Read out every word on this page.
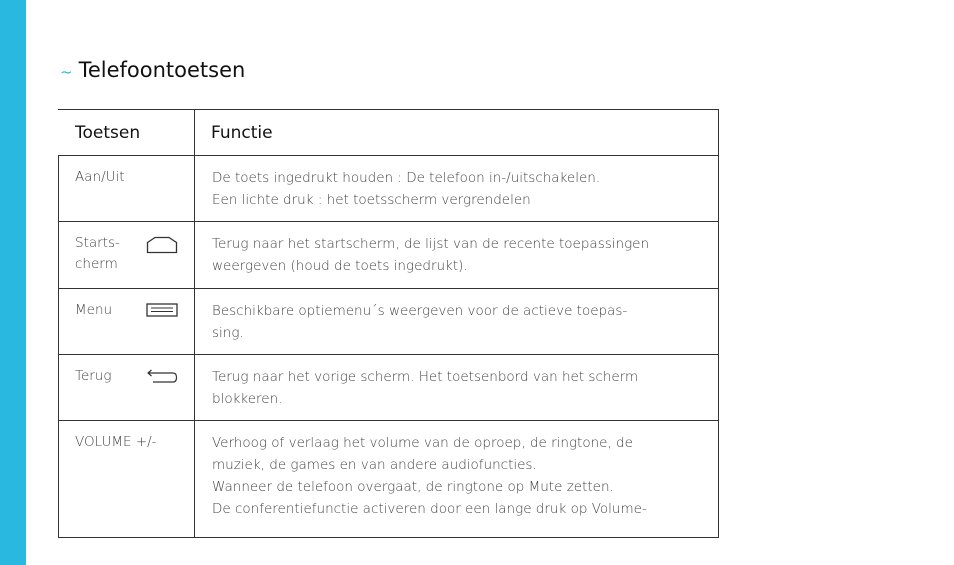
~ Telefoontoetsen
Toetsen	Functie

Aan/Uit	De toets ingedrukt houden : De telefoon in-/uitschakelen.
Een lichte druk : het toetsscherm vergrendelen

Starts-
cherm	Terug naar het startscherm, de lijst van de recente toepassingen
weergeven (houd de toets ingedrukt).

Menu	Beschikbare optiemenu´s weergeven voor de actieve toepas-
sing.

Terug	Terug naar het vorige scherm. Het toetsenbord van het scherm
blokkeren.

VOLUME +/-	Verhoog of verlaag het volume van de oproep, de ringtone, de
muziek, de games en van andere audiofuncties.
Wanneer de telefoon overgaat, de ringtone op Mute zetten.
De conferentiefunctie activeren door een lange druk op Volume-
